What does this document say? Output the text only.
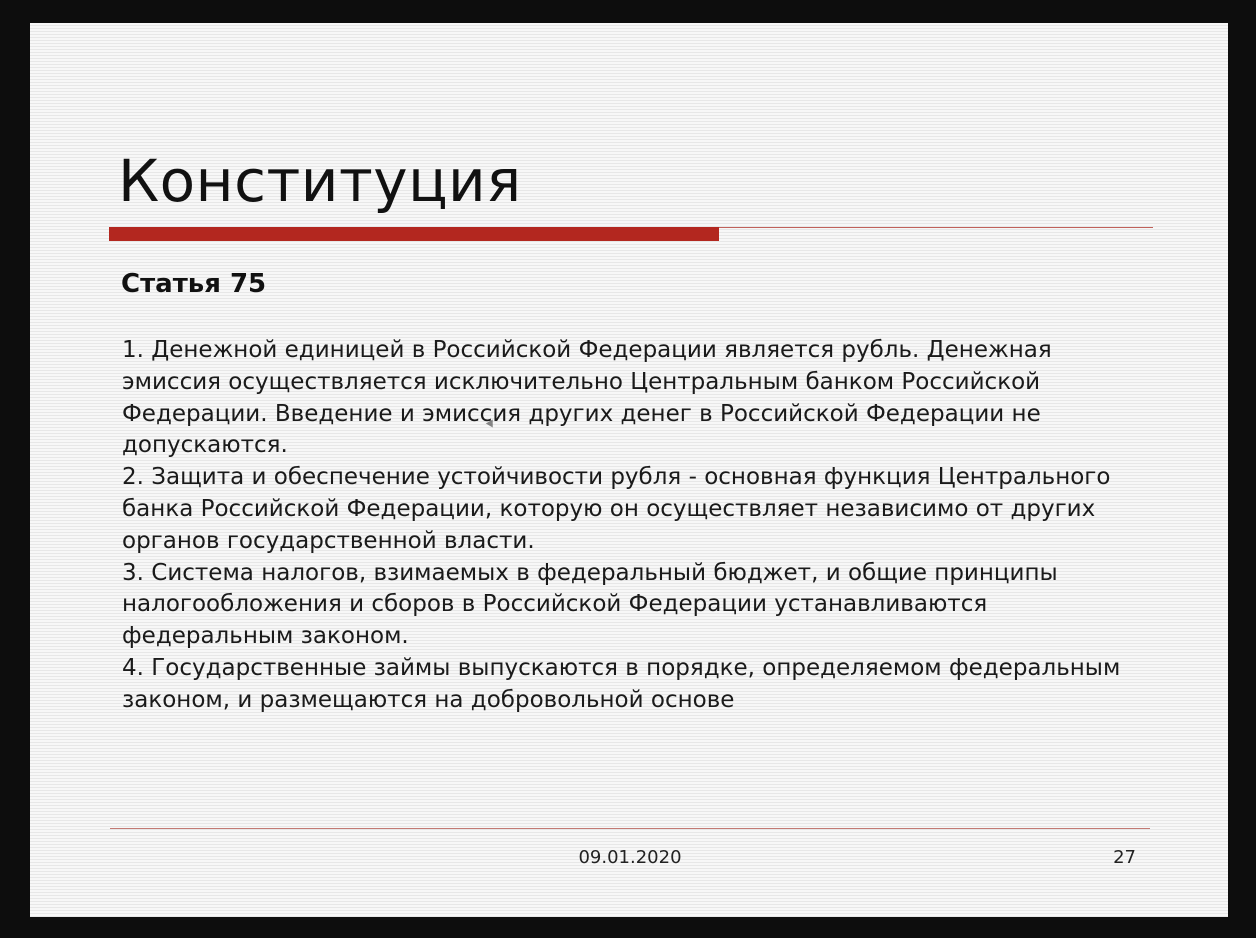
Конституция
Статья 75

1. Денежной единицей в Российской Федерации является рубль. Денежная эмиссия осуществляется исключительно Центральным банком Российской Федерации. Введение и эмиссия других денег в Российской Федерации не допускаются.

2. Защита и обеспечение устойчивости рубля - основная функция Центрального банка Российской Федерации, которую он осуществляет независимо от других органов государственной власти.

3. Система налогов, взимаемых в федеральный бюджет, и общие принципы налогообложения и сборов в Российской Федерации устанавливаются федеральным законом.

4. Государственные займы выпускаются в порядке, определяемом федеральным законом, и размещаются на добровольной основе

09.01.2020	27
